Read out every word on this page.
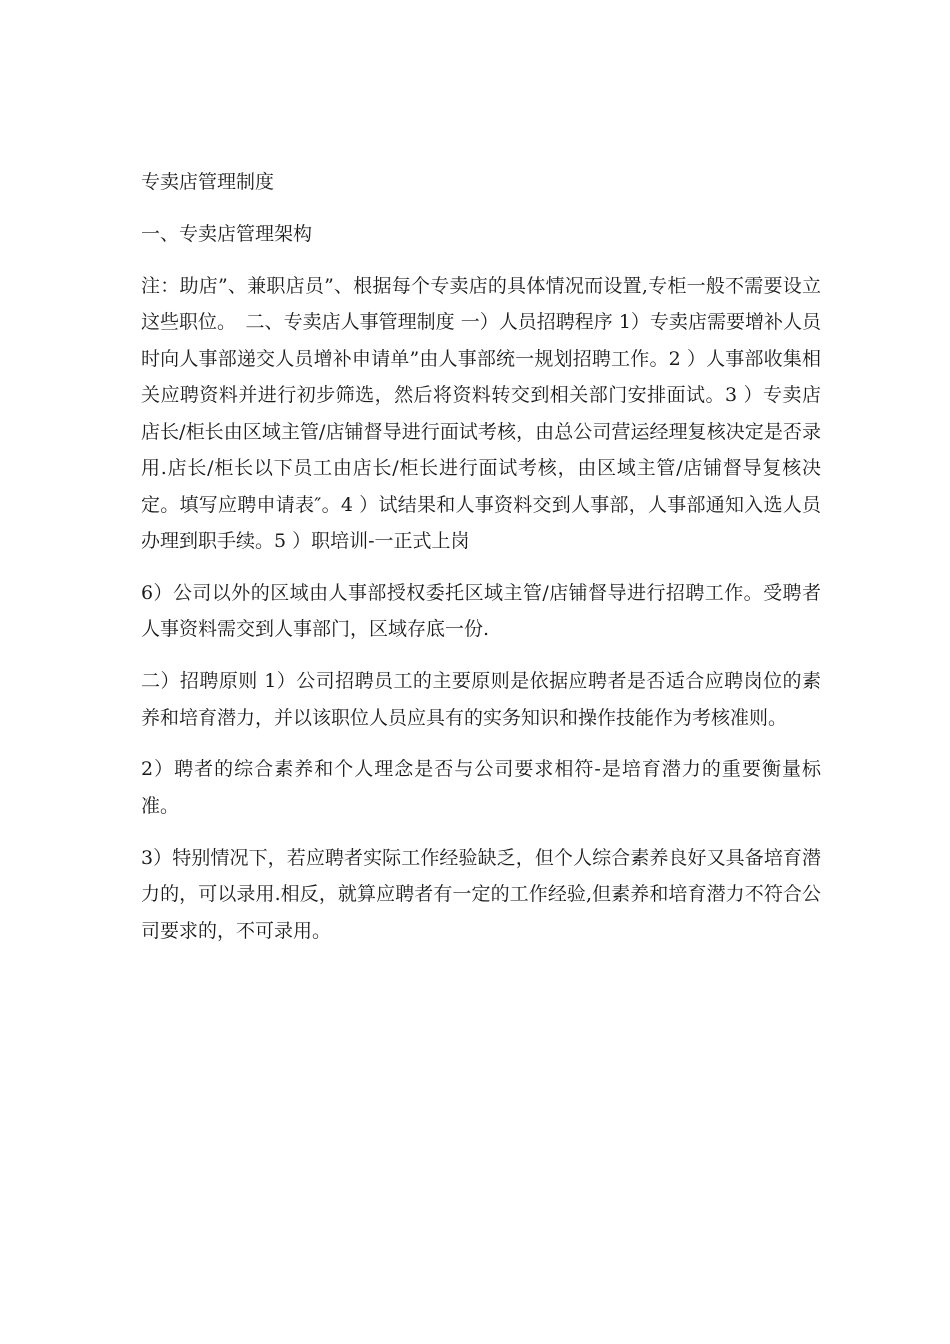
专卖店管理制度

一、专卖店管理架构

注：助店”、兼职店员”、根据每个专卖店的具体情况而设置,专柜一般不需要设立这些职位。　二、专卖店人事管理制度 一）人员招聘程序 1）专卖店需要增补人员时向人事部递交人员增补申请单”由人事部统一规划招聘工作。2 ）人事部收集相关应聘资料并进行初步筛选，然后将资料转交到相关部门安排面试。3 ）专卖店店长/柜长由区域主管/店铺督导进行面试考核，由总公司营运经理复核决定是否录用.店长/柜长以下员工由店长/柜长进行面试考核，由区域主管/店铺督导复核决定。填写应聘申请表″。4 ）试结果和人事资料交到人事部，人事部通知入选人员办理到职手续。5 ）职培训-一正式上岗

6）公司以外的区域由人事部授权委托区域主管/店铺督导进行招聘工作。受聘者人事资料需交到人事部门，区域存底一份.

二）招聘原则 1）公司招聘员工的主要原则是依据应聘者是否适合应聘岗位的素养和培育潜力，并以该职位人员应具有的实务知识和操作技能作为考核准则。

2）聘者的综合素养和个人理念是否与公司要求相符-是培育潜力的重要衡量标准。

3）特别情况下，若应聘者实际工作经验缺乏，但个人综合素养良好又具备培育潜力的，可以录用.相反，就算应聘者有一定的工作经验,但素养和培育潜力不符合公司要求的，不可录用。
